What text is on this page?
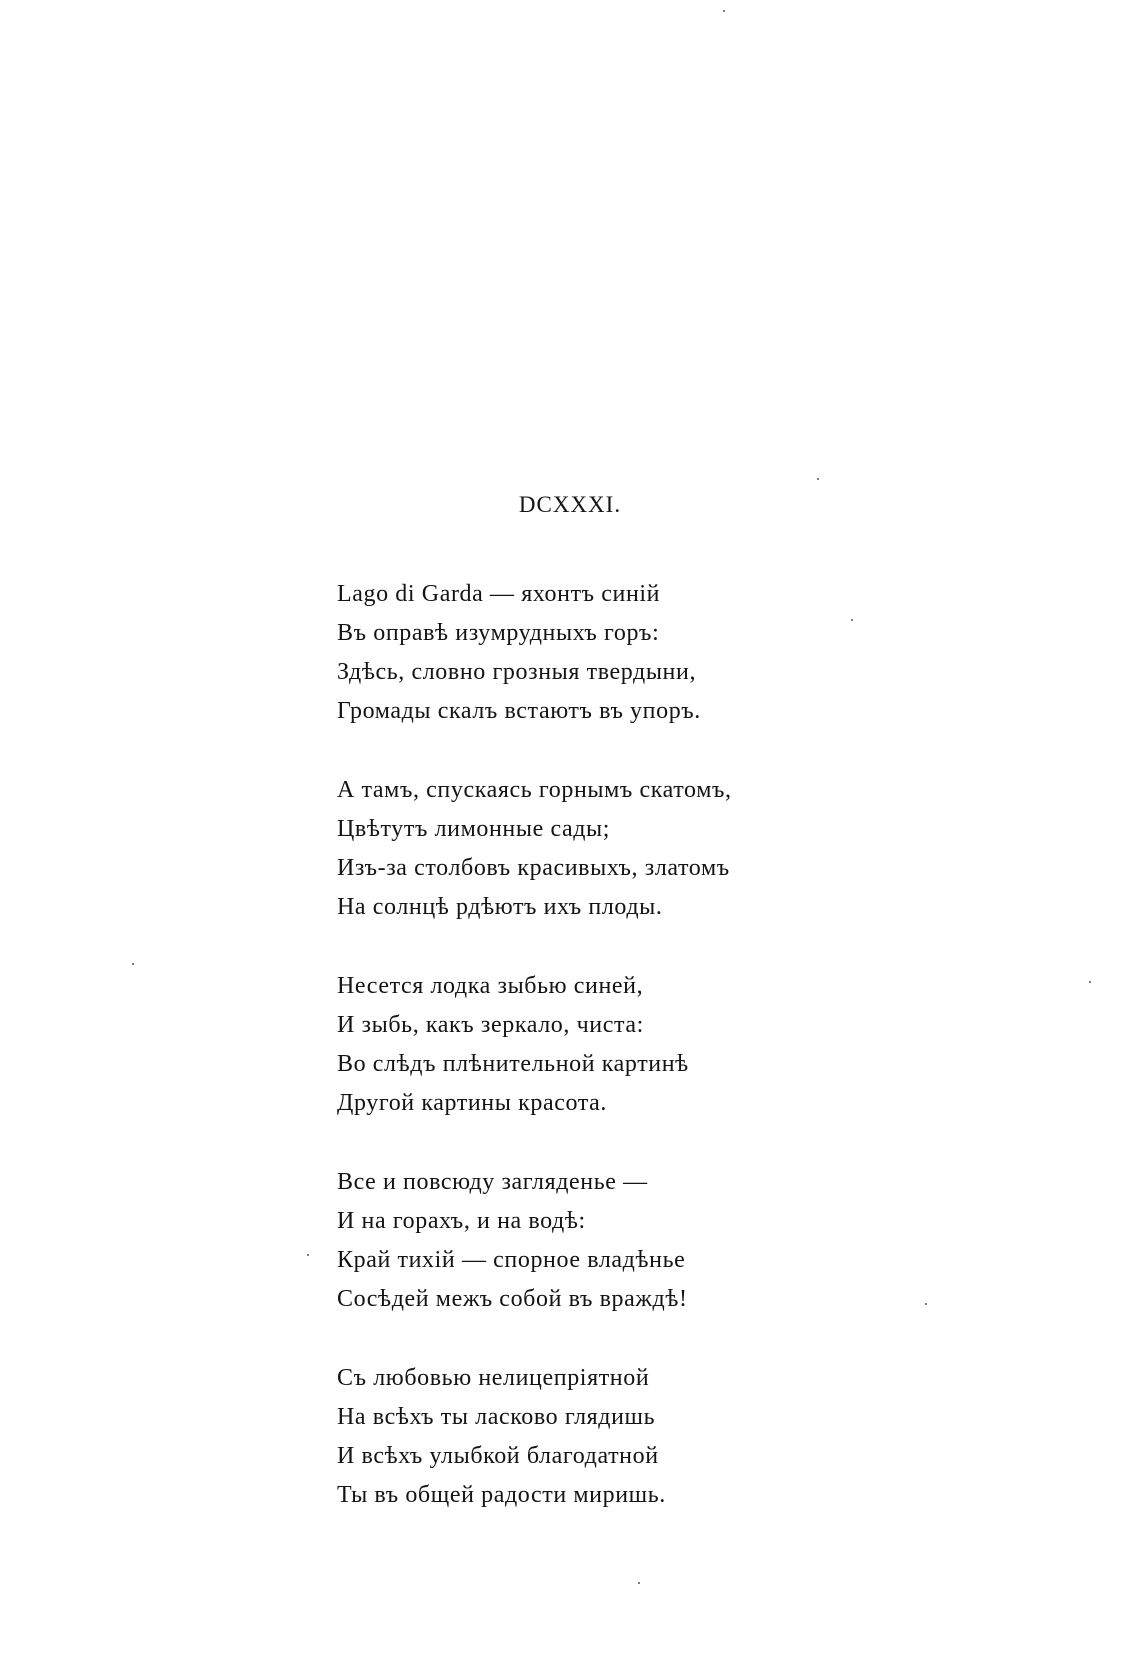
DCXXXI.
Lago di Garda — яхонтъ синій
Въ оправѣ изумрудныхъ горъ:
Здѣсь, словно грозныя твердыни,
Громады скалъ встаютъ въ упоръ.
А тамъ, спускаясь горнымъ скатомъ,
Цвѣтутъ лимонные сады;
Изъ-за столбовъ красивыхъ, златомъ
На солнцѣ рдѣютъ ихъ плоды.
Несется лодка зыбью синей,
И зыбь, какъ зеркало, чиста:
Во слѣдъ плѣнительной картинѣ
Другой картины красота.
Все и повсюду загляденье —
И на горахъ, и на водѣ:
Край тихій — спорное владѣнье
Сосѣдей межъ собой въ враждѣ!
Съ любовью нелицепріятной
На всѣхъ ты ласково глядишь
И всѣхъ улыбкой благодатной
Ты въ общей радости миришь.
